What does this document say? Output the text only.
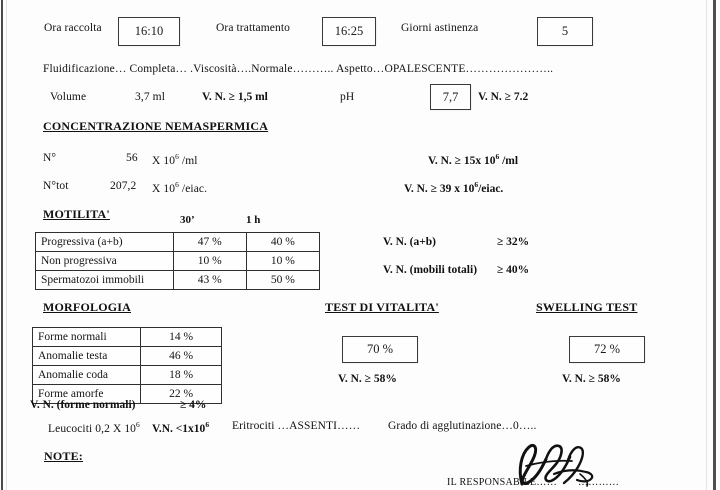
Ora raccolta	16:10	Ora trattamento	16:25	Giorni astinenza	5
Fluidificazione… Completa… .Viscosità….Normale……….. Aspetto…OPALESCENTE…………………..
Volume	3,7 ml	V. N. ≥ 1,5 ml	pH	7,7	V. N. ≥ 7.2
CONCENTRAZIONE NEMASPERMICA
N°	56 X $10^6$ /ml	V. N. ≥ 15x $10^6$ /ml
N°tot	207,2 X $10^6$ /eiac.	V. N. ≥ 39 x $10^6$/eiac.
MOTILITA'	30’	1 h
Progressiva (a+b)	47 %	40 %
Non progressiva	10 %	10 %
Spermatozoi immobili	43 %	50 %
V. N. (a+b)	≥ 32%
V. N. (mobili totali) ≥ 40%
MORFOLOGIA	TEST DI VITALITA'	SWELLING TEST
Forme normali	14 %
Anomalie testa	46 %
Anomalie coda	18 %
Forme amorfe	22 %
V. N. (forme normali)	≥ 4%
70 %
V. N. ≥ 58%
72 %
V. N. ≥ 58%
Leucociti 0,2 X $10^6$ V.N. $<1x10^6$ Eritrociti …ASSENTI…… Grado di agglutinazione…0…..
NOTE:
IL RESPONSABILE…… …………
